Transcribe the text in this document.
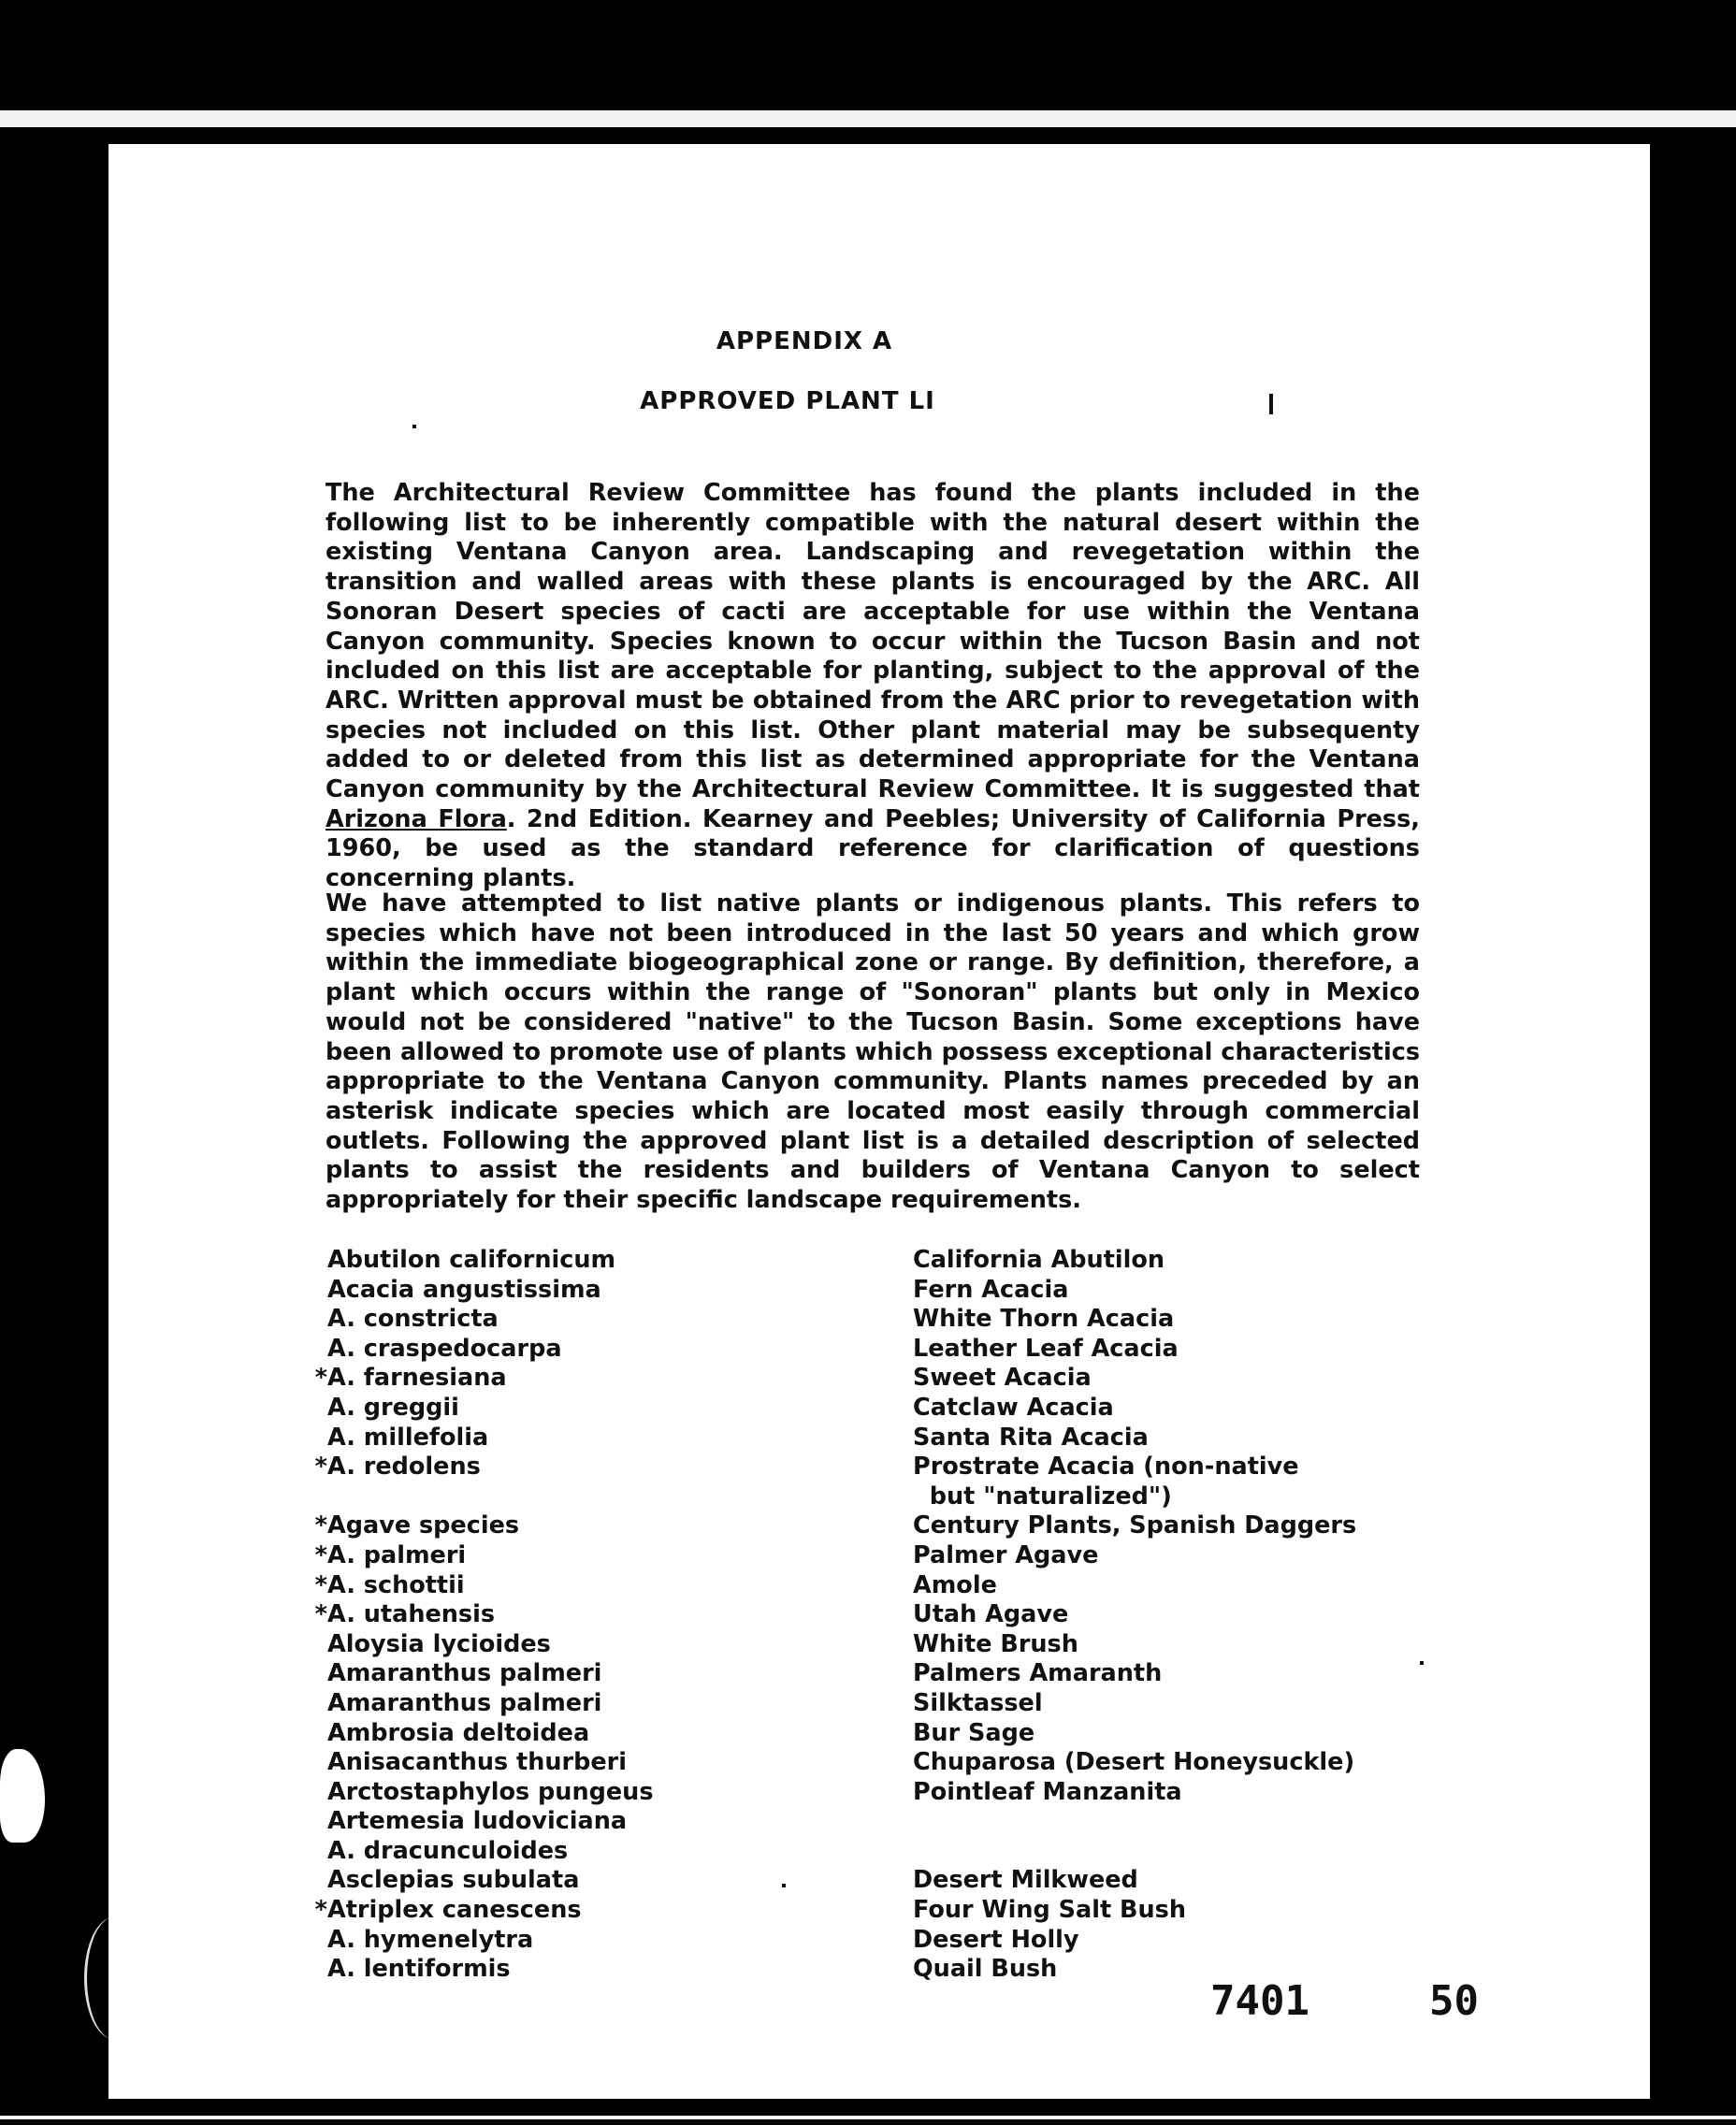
APPENDIX A
APPROVED PLANT LI

The Architectural Review Committee has found the plants included in the following list to be inherently compatible with the natural desert within the existing Ventana Canyon area. Landscaping and revegetation within the transition and walled areas with these plants is encouraged by the ARC. All Sonoran Desert species of cacti are acceptable for use within the Ventana Canyon community. Species known to occur within the Tucson Basin and not included on this list are acceptable for planting, subject to the approval of the ARC. Written approval must be obtained from the ARC prior to revegetation with species not included on this list. Other plant material may be subsequenty added to or deleted from this list as determined appropriate for the Ventana Canyon community by the Architectural Review Committee. It is suggested that Arizona Flora. 2nd Edition. Kearney and Peebles; University of California Press, 1960, be used as the standard reference for clarification of questions concerning plants.

We have attempted to list native plants or indigenous plants. This refers to species which have not been introduced in the last 50 years and which grow within the immediate biogeographical zone or range. By definition, therefore, a plant which occurs within the range of "Sonoran" plants but only in Mexico would not be considered "native" to the Tucson Basin. Some exceptions have been allowed to promote use of plants which possess exceptional characteristics appropriate to the Ventana Canyon community. Plants names preceded by an asterisk indicate species which are located most easily through commercial outlets. Following the approved plant list is a detailed description of selected plants to assist the residents and builders of Ventana Canyon to select appropriately for their specific landscape requirements.

Abutilon californicum
Acacia angustissima
A. constricta
A. craspedocarpa
*A. farnesiana
A. greggii
A. millefolia
*A. redolens
*Agave species
*A. palmeri
*A. schottii
*A. utahensis
Aloysia lycioides
Amaranthus palmeri
Amaranthus palmeri
Ambrosia deltoidea
Anisacanthus thurberi
Arctostaphylos pungeus
Artemesia ludoviciana
A. dracunculoides
Asclepias subulata
*Atriplex canescens
A. hymenelytra
A. lentiformis
California Abutilon
Fern Acacia
White Thorn Acacia
Leather Leaf Acacia
Sweet Acacia
Catclaw Acacia
Santa Rita Acacia
Prostrate Acacia (non-native
but "naturalized")
Century Plants, Spanish Daggers
Palmer Agave
Amole
Utah Agave
White Brush
Palmers Amaranth
Silktassel
Bur Sage
Chuparosa (Desert Honeysuckle)
Pointleaf Manzanita
Desert Milkweed
Four Wing Salt Bush
Desert Holly
Quail Bush
7401	50
